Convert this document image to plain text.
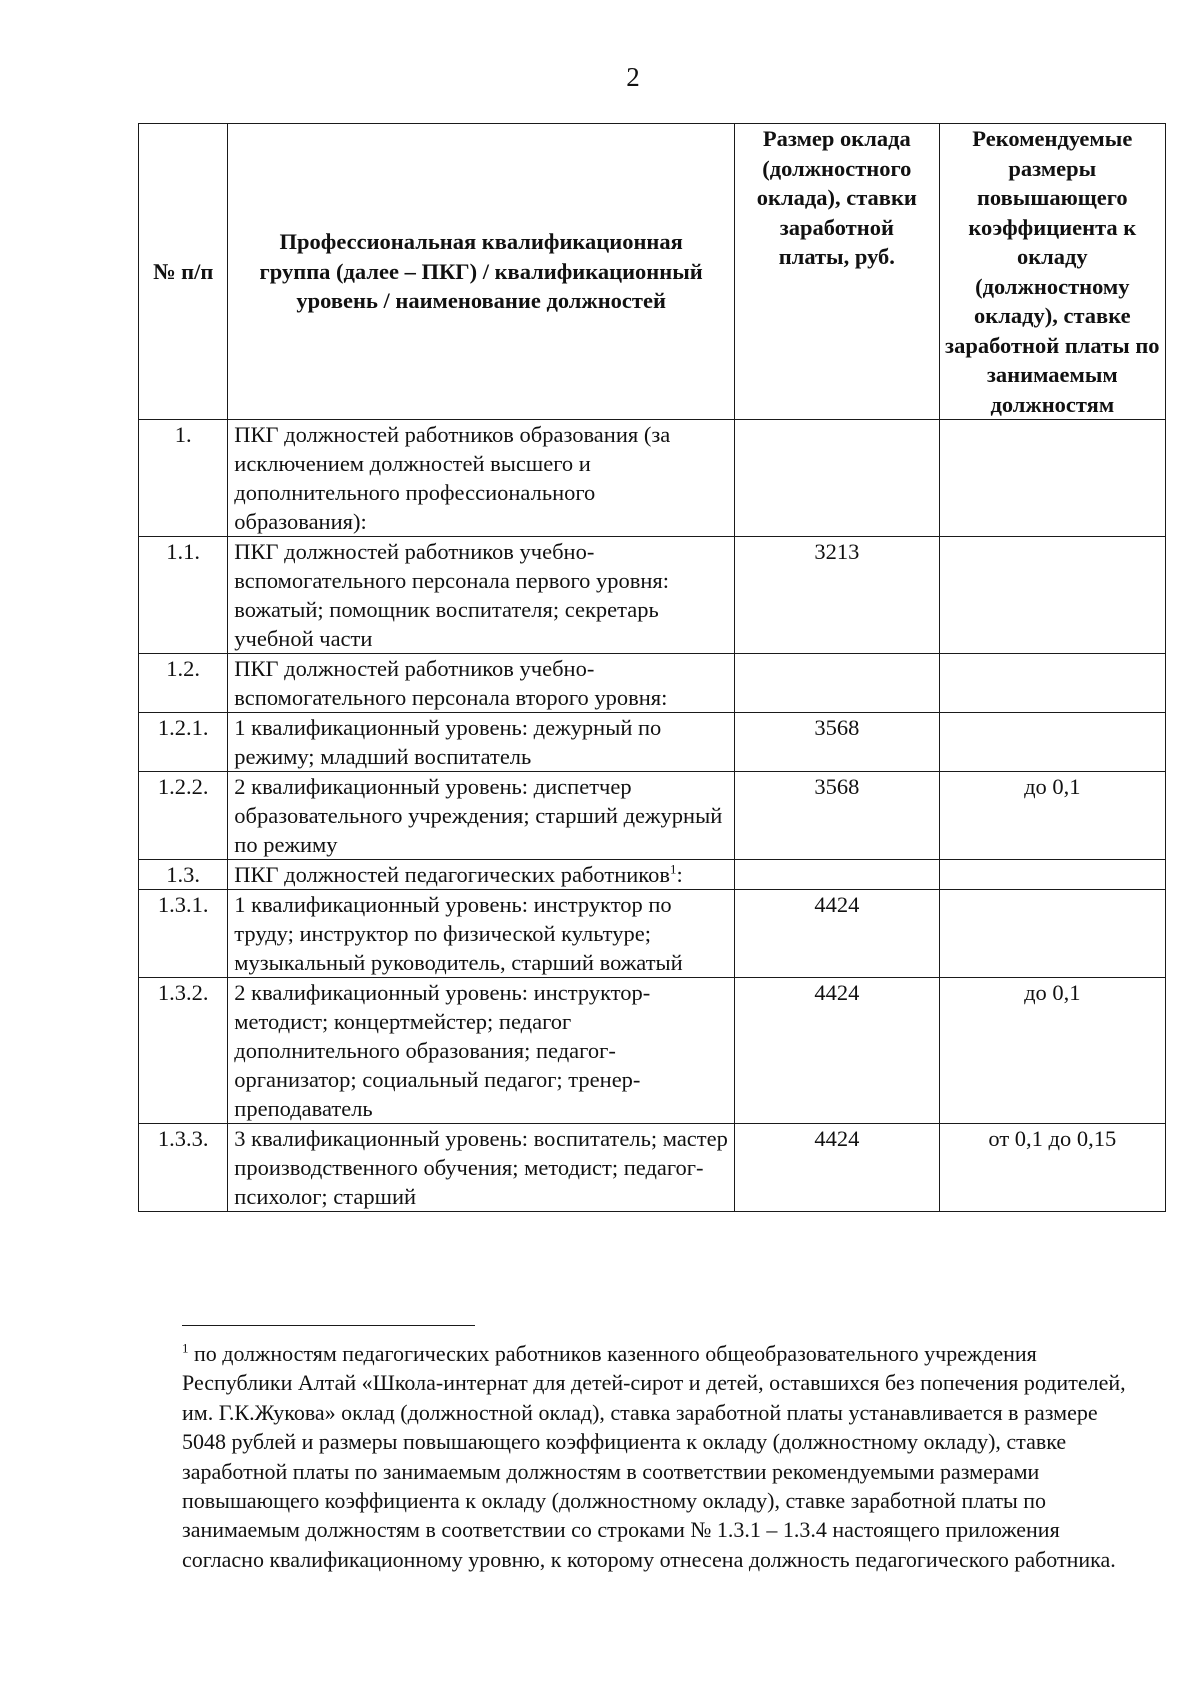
2
№ п/п	Профессиональная квалификационная группа (далее – ПКГ) / квалификационный уровень / наименование должностей	Размер оклада (должностного оклада), ставки заработной платы, руб.	Рекомендуемые размеры повышающего коэффициента к окладу (должностному окладу), ставке заработной платы по занимаемым должностям
1.	ПКГ должностей работников образования (за исключением должностей высшего и дополнительного профессионального образования):		
1.1.	ПКГ должностей работников учебно-вспомогательного персонала первого уровня: вожатый; помощник воспитателя; секретарь учебной части	3213	
1.2.	ПКГ должностей работников учебно-вспомогательного персонала второго уровня:		
1.2.1.	1 квалификационный уровень: дежурный по режиму; младший воспитатель	3568	
1.2.2.	2 квалификационный уровень: диспетчер образовательного учреждения; старший дежурный по режиму	3568	до 0,1
1.3.	ПКГ должностей педагогических работников$^1$:		
1.3.1.	1 квалификационный уровень: инструктор по труду; инструктор по физической культуре; музыкальный руководитель, старший вожатый	4424	
1.3.2.	2 квалификационный уровень: инструктор-методист; концертмейстер; педагог дополнительного образования; педагог-организатор; социальный педагог; тренер-преподаватель	4424	до 0,1
1.3.3.	3 квалификационный уровень: воспитатель; мастер производственного обучения; методист; педагог-психолог; старший	4424	от 0,1 до 0,15
$^1$ по должностям педагогических работников казенного общеобразовательного учреждения Республики Алтай «Школа-интернат для детей-сирот и детей, оставшихся без попечения родителей, им. Г.К.Жукова» оклад (должностной оклад), ставка заработной платы устанавливается в размере 5048 рублей и размеры повышающего коэффициента к окладу (должностному окладу), ставке заработной платы по занимаемым должностям в соответствии рекомендуемыми размерами повышающего коэффициента к окладу (должностному окладу), ставке заработной платы по занимаемым должностям в соответствии со строками № 1.3.1 – 1.3.4 настоящего приложения согласно квалификационному уровню, к которому отнесена должность педагогического работника.
